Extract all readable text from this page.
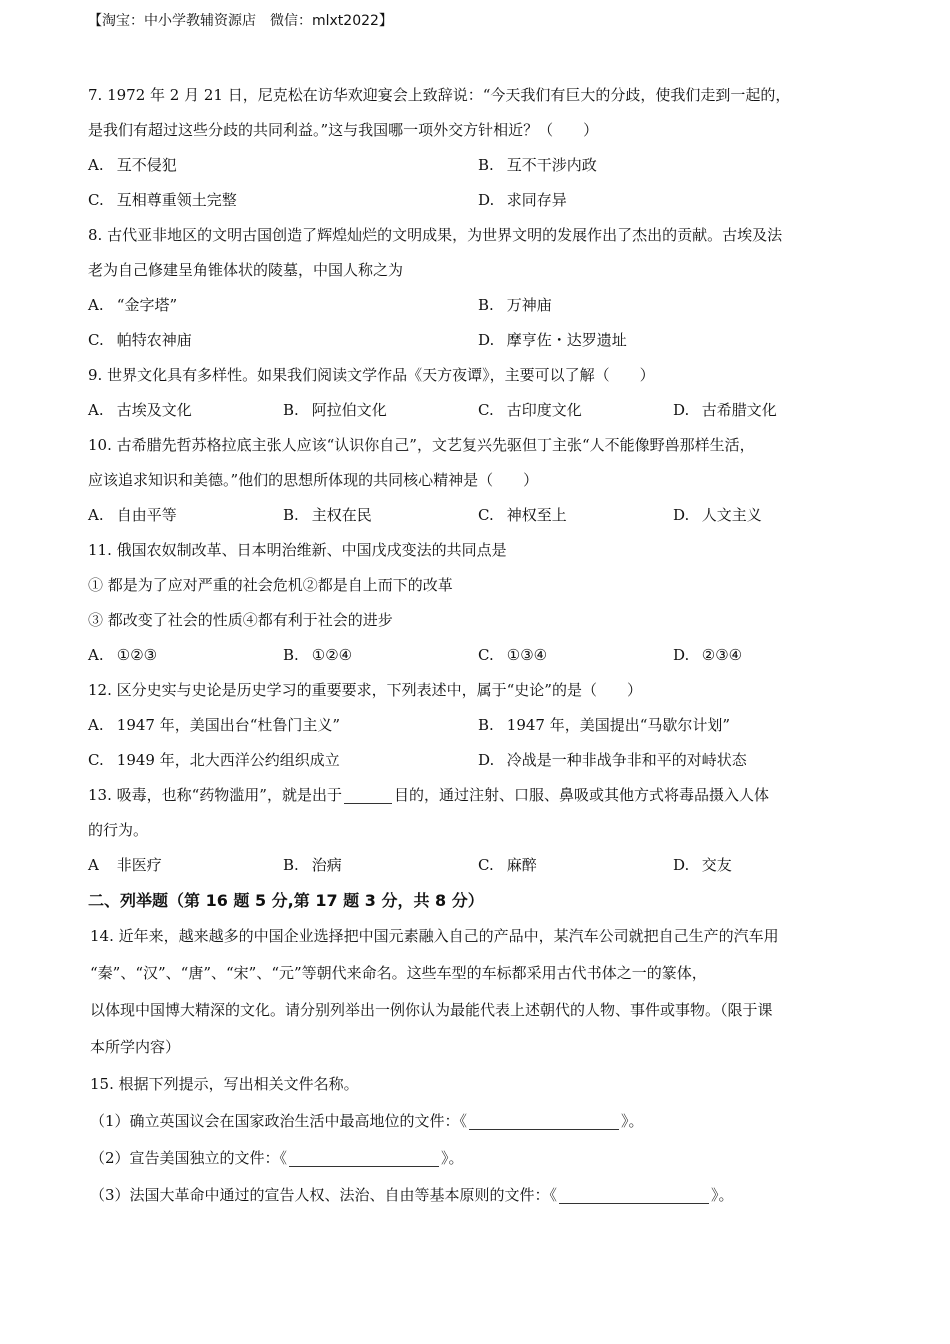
【淘宝：中小学教辅资源店　微信：mlxt2022】
7. 1972 年 2 月 21 日，尼克松在访华欢迎宴会上致辞说：“今天我们有巨大的分歧，使我们走到一起的，
是我们有超过这些分歧的共同利益。”这与我国哪一项外交方针相近？（　　）
A. 互不侵犯	B. 互不干涉内政
C. 互相尊重领土完整	D. 求同存异
8. 古代亚非地区的文明古国创造了辉煌灿烂的文明成果，为世界文明的发展作出了杰出的贡献。古埃及法
老为自己修建呈角锥体状的陵墓，中国人称之为
A. “金字塔”	B. 万神庙
C. 帕特农神庙	D. 摩亨佐・达罗遗址
9. 世界文化具有多样性。如果我们阅读文学作品《天方夜谭》，主要可以了解（　　）
A. 古埃及文化	B. 阿拉伯文化	C. 古印度文化	D. 古希腊文化
10. 古希腊先哲苏格拉底主张人应该“认识你自己”，文艺复兴先驱但丁主张“人不能像野兽那样生活，
应该追求知识和美德。”他们的思想所体现的共同核心精神是（　　）
A. 自由平等	B. 主权在民	C. 神权至上	D. 人文主义
11. 俄国农奴制改革、日本明治维新、中国戊戌变法的共同点是
① 都是为了应对严重的社会危机②都是自上而下的改革
③ 都改变了社会的性质④都有利于社会的进步
A. ①②③	B. ①②④	C. ①③④	D. ②③④
12. 区分史实与史论是历史学习的重要要求，下列表述中，属于“史论”的是（　　）
A. 1947 年，美国出台“杜鲁门主义”	B. 1947 年，美国提出“马歇尔计划”
C. 1949 年，北大西洋公约组织成立	D. 冷战是一种非战争非和平的对峙状态
13. 吸毒，也称“药物滥用”，就是出于	目的，通过注射、口服、鼻吸或其他方式将毒品摄入人体
的行为。
A 非医疗	B. 治病	C. 麻醉	D. 交友
二、列举题（第 16 题 5 分,第 17 题 3 分，共 8 分）
14. 近年来，越来越多的中国企业选择把中国元素融入自己的产品中，某汽车公司就把自己生产的汽车用
“秦”、“汉”、“唐”、“宋”、“元”等朝代来命名。这些车型的车标都采用古代书体之一的篆体，
以体现中国博大精深的文化。请分别列举出一例你认为最能代表上述朝代的人物、事件或事物。（限于课
本所学内容）
15. 根据下列提示，写出相关文件名称。
（1）确立英国议会在国家政治生活中最高地位的文件：《	》。
（2）宣告美国独立的文件：《	》。
（3）法国大革命中通过的宣告人权、法治、自由等基本原则的文件：《	》。
